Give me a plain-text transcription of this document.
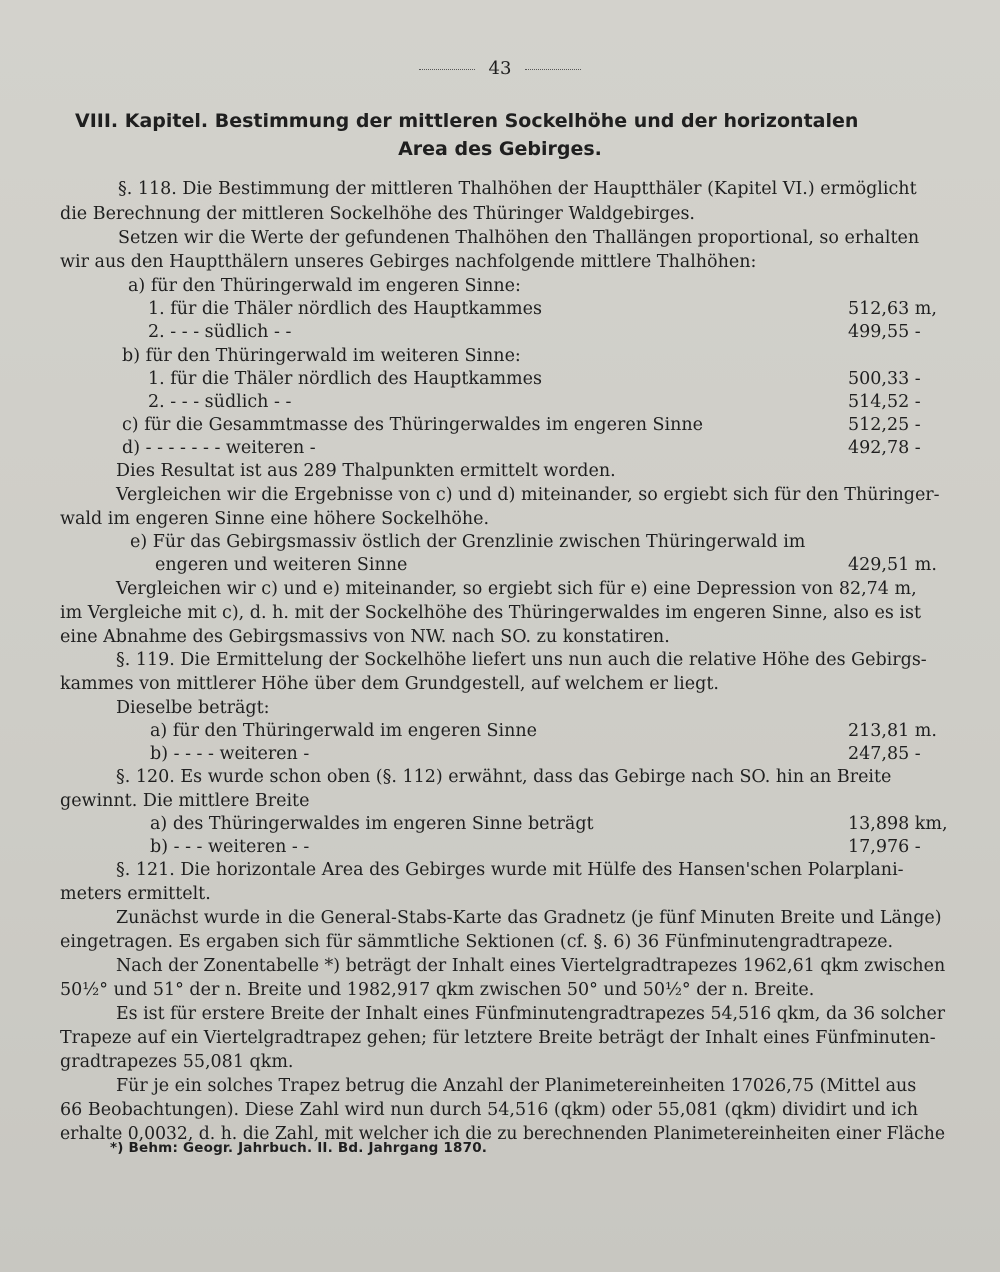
43
VIII. Kapitel. Bestimmung der mittleren Sockelhöhe und der horizontalen
Area des Gebirges.
§. 118. Die Bestimmung der mittleren Thalhöhen der Hauptthäler (Kapitel VI.) ermöglicht
die Berechnung der mittleren Sockelhöhe des Thüringer Waldgebirges.
Setzen wir die Werte der gefundenen Thalhöhen den Thallängen proportional, so erhalten
wir aus den Hauptthälern unseres Gebirges nachfolgende mittlere Thalhöhen:
a) für den Thüringerwald im engeren Sinne:
1. für die Thäler nördlich des Hauptkammes	512,63 m,
2. - - - südlich - -	499,55 -
b) für den Thüringerwald im weiteren Sinne:
1. für die Thäler nördlich des Hauptkammes	500,33 -
2. - - - südlich - -	514,52 -
c) für die Gesammtmasse des Thüringerwaldes im engeren Sinne	512,25 -
d) - - - - - - - weiteren -	492,78 -
Dies Resultat ist aus 289 Thalpunkten ermittelt worden.
Vergleichen wir die Ergebnisse von c) und d) miteinander, so ergiebt sich für den Thüringer-
wald im engeren Sinne eine höhere Sockelhöhe.
e) Für das Gebirgsmassiv östlich der Grenzlinie zwischen Thüringerwald im
engeren und weiteren Sinne	429,51 m.
Vergleichen wir c) und e) miteinander, so ergiebt sich für e) eine Depression von 82,74 m,
im Vergleiche mit c), d. h. mit der Sockelhöhe des Thüringerwaldes im engeren Sinne, also es ist
eine Abnahme des Gebirgsmassivs von NW. nach SO. zu konstatiren.
§. 119. Die Ermittelung der Sockelhöhe liefert uns nun auch die relative Höhe des Gebirgs-
kammes von mittlerer Höhe über dem Grundgestell, auf welchem er liegt.
Dieselbe beträgt:
a) für den Thüringerwald im engeren Sinne	213,81 m.
b) - - - - weiteren -	247,85 -
§. 120. Es wurde schon oben (§. 112) erwähnt, dass das Gebirge nach SO. hin an Breite
gewinnt. Die mittlere Breite
a) des Thüringerwaldes im engeren Sinne beträgt	13,898 km,
b) - - - weiteren - -	17,976 -
§. 121. Die horizontale Area des Gebirges wurde mit Hülfe des Hansen'schen Polarplani-
meters ermittelt.
Zunächst wurde in die General-Stabs-Karte das Gradnetz (je fünf Minuten Breite und Länge)
eingetragen. Es ergaben sich für sämmtliche Sektionen (cf. §. 6) 36 Fünfminutengradtrapeze.
Nach der Zonentabelle *) beträgt der Inhalt eines Viertelgradtrapezes 1962,61 qkm zwischen
50½° und 51° der n. Breite und 1982,917 qkm zwischen 50° und 50½° der n. Breite.
Es ist für erstere Breite der Inhalt eines Fünfminutengradtrapezes 54,516 qkm, da 36 solcher
Trapeze auf ein Viertelgradtrapez gehen; für letztere Breite beträgt der Inhalt eines Fünfminuten-
gradtrapezes 55,081 qkm.
Für je ein solches Trapez betrug die Anzahl der Planimetereinheiten 17026,75 (Mittel aus
66 Beobachtungen). Diese Zahl wird nun durch 54,516 (qkm) oder 55,081 (qkm) dividirt und ich
erhalte 0,0032, d. h. die Zahl, mit welcher ich die zu berechnenden Planimetereinheiten einer Fläche
*) Behm: Geogr. Jahrbuch. II. Bd. Jahrgang 1870.
